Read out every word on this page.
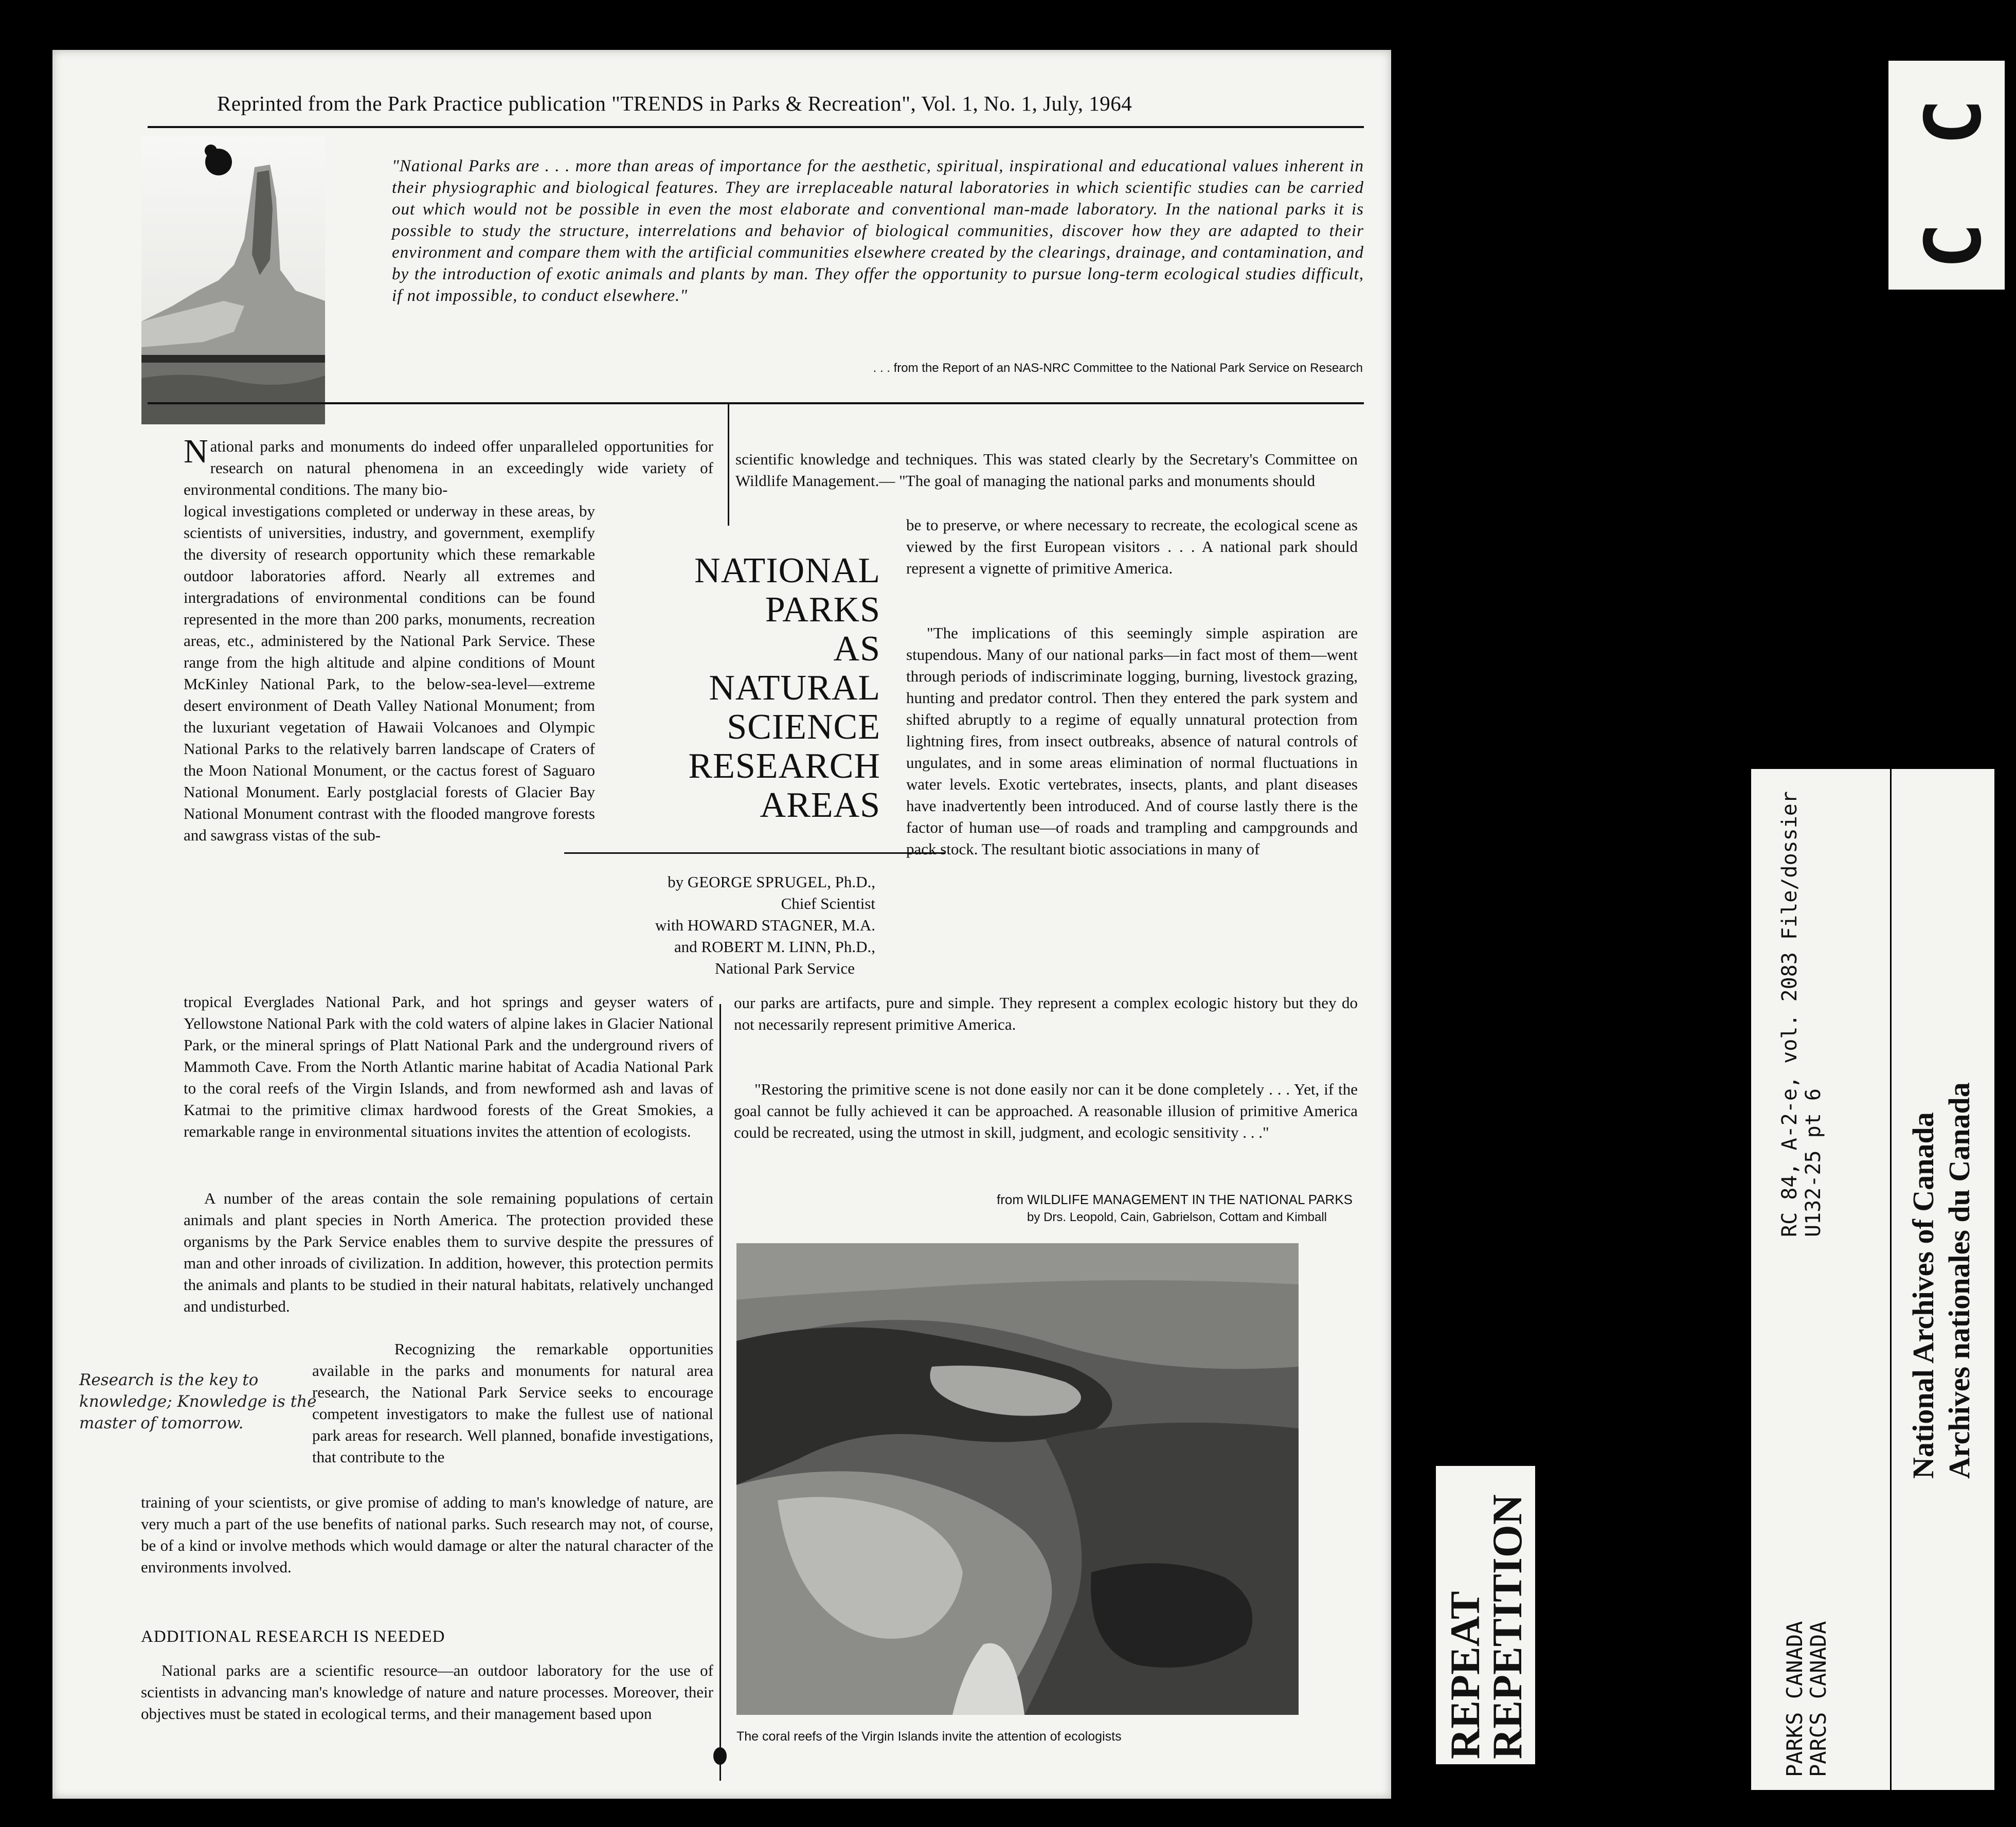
Reprinted from the Park Practice publication "TRENDS in Parks & Recreation", Vol. 1, No. 1, July, 1964
"National Parks are . . . more than areas of importance for the aesthetic, spiritual, inspirational and educational values inherent in their physiographic and biological features. They are irreplaceable natural laboratories in which scientific studies can be carried out which would not be possible in even the most elaborate and conventional man-made laboratory. In the national parks it is possible to study the structure, interrelations and behavior of biological communities, discover how they are adapted to their environment and compare them with the artificial communities elsewhere created by the clearings, drainage, and contamination, and by the introduction of exotic animals and plants by man. They offer the opportunity to pursue long-term ecological studies difficult, if not impossible, to conduct elsewhere."
. . . from the Report of an NAS-NRC Committee to the National Park Service on Research

National parks and monuments do indeed offer unparalleled opportunities for research on natural phenomena in an exceedingly wide variety of environmental conditions. The many bio-

logical investigations completed or underway in these areas, by scientists of universities, industry, and government, exemplify the diversity of research opportunity which these remarkable outdoor laboratories afford. Nearly all extremes and intergradations of environmental conditions can be found represented in the more than 200 parks, monuments, recreation areas, etc., administered by the National Park Service. These range from the high altitude and alpine conditions of Mount McKinley National Park, to the below-sea-level—extreme desert environment of Death Valley National Monument; from the luxuriant vegetation of Hawaii Volcanoes and Olympic National Parks to the relatively barren landscape of Craters of the Moon National Monument, or the cactus forest of Saguaro National Monument. Early postglacial forests of Glacier Bay National Monument contrast with the flooded mangrove forests and sawgrass vistas of the sub-

tropical Everglades National Park, and hot springs and geyser waters of Yellowstone National Park with the cold waters of alpine lakes in Glacier National Park, or the mineral springs of Platt National Park and the underground rivers of Mammoth Cave. From the North Atlantic marine habitat of Acadia National Park to the coral reefs of the Virgin Islands, and from newformed ash and lavas of Katmai to the primitive climax hardwood forests of the Great Smokies, a remarkable range in environmental situations invites the attention of ecologists.

A number of the areas contain the sole remaining populations of certain animals and plant species in North America. The protection provided these organisms by the Park Service enables them to survive despite the pressures of man and other inroads of civilization. In addition, however, this protection permits the animals and plants to be studied in their natural habitats, relatively unchanged and undisturbed.

Research is the key to knowledge; Knowledge is the master of tomorrow.

Recognizing the remarkable opportunities available in the parks and monuments for natural area research, the National Park Service seeks to encourage competent investigators to make the fullest use of national park areas for research. Well planned, bonafide investigations, that contribute to the

training of your scientists, or give promise of adding to man's knowledge of nature, are very much a part of the use benefits of national parks. Such research may not, of course, be of a kind or involve methods which would damage or alter the natural character of the environments involved.

ADDITIONAL RESEARCH IS NEEDED

National parks are a scientific resource—an outdoor laboratory for the use of scientists in advancing man's knowledge of nature and nature processes. Moreover, their objectives must be stated in ecological terms, and their management based upon

NATIONAL
PARKS
AS
NATURAL
SCIENCE
RESEARCH
AREAS
by GEORGE SPRUGEL, Ph.D.,
Chief Scientist
with HOWARD STAGNER, M.A.
and ROBERT M. LINN, Ph.D.,
National Park Service

scientific knowledge and techniques. This was stated clearly by the Secretary's Committee on Wildlife Management.— "The goal of managing the national parks and monuments should

be to preserve, or where necessary to recreate, the ecological scene as viewed by the first European visitors . . . A national park should represent a vignette of primitive America.

"The implications of this seemingly simple aspiration are stupendous. Many of our national parks—in fact most of them—went through periods of indiscriminate logging, burning, livestock grazing, hunting and predator control. Then they entered the park system and shifted abruptly to a regime of equally unnatural protection from lightning fires, from insect outbreaks, absence of natural controls of ungulates, and in some areas elimination of normal fluctuations in water levels. Exotic vertebrates, insects, plants, and plant diseases have inadvertently been introduced. And of course lastly there is the factor of human use—of roads and trampling and campgrounds and pack stock. The resultant biotic associations in many of

our parks are artifacts, pure and simple. They represent a complex ecologic history but they do not necessarily represent primitive America.

"Restoring the primitive scene is not done easily nor can it be done completely . . . Yet, if the goal cannot be fully achieved it can be approached. A reasonable illusion of primitive America could be recreated, using the utmost in skill, judgment, and ecologic sensitivity . . ."

from WILDLIFE MANAGEMENT IN THE NATIONAL PARKS
by Drs. Leopold, Cain, Gabrielson, Cottam and Kimball
The coral reefs of the Virgin Islands invite the attention of ecologists
C C
RC 84, A-2-e, vol. 2083 File/dossier U132-25 pt 6
PARKS CANADA
PARCS CANADA
REPEAT
REPETITION
National Archives of Canada Archives nationales du Canada
